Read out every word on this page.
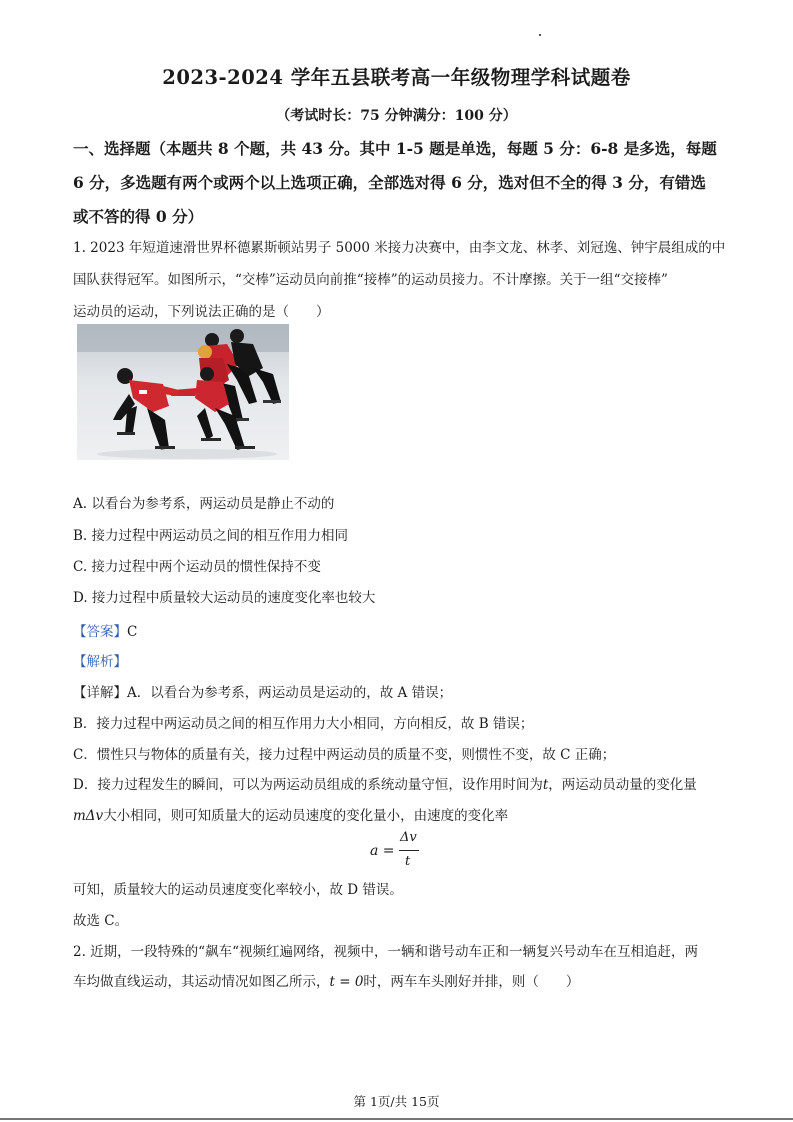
2023-2024 学年五县联考高一年级物理学科试题卷
（考试时长：75 分钟满分：100 分）
一、选择题（本题共 8 个题，共 43 分。其中 1-5 题是单选，每题 5 分：6-8 是多选，每题
6 分，多选题有两个或两个以上选项正确，全部选对得 6 分，选对但不全的得 3 分，有错选
或不答的得 0 分）
1. 2023 年短道速滑世界杯德累斯顿站男子 5000 米接力决赛中，由李文龙、林孝、刘冠逸、钟宇晨组成的中
国队获得冠军。如图所示，“交棒”运动员向前推“接棒”的运动员接力。不计摩擦。关于一组“交接棒”
运动员的运动，下列说法正确的是（　　）
A. 以看台为参考系，两运动员是静止不动的
B. 接力过程中两运动员之间的相互作用力相同
C. 接力过程中两个运动员的惯性保持不变
D. 接力过程中质量较大运动员的速度变化率也较大
【答案】C
【解析】
【详解】A．以看台为参考系，两运动员是运动的，故 A 错误；
B．接力过程中两运动员之间的相互作用力大小相同，方向相反，故 B 错误；
C．惯性只与物体的质量有关，接力过程中两运动员的质量不变，则惯性不变，故 C 正确；
D．接力过程发生的瞬间，可以为两运动员组成的系统动量守恒，设作用时间为t，两运动员动量的变化量
mΔv大小相同，则可知质量大的运动员速度的变化量小，由速度的变化率
a =
Δv
t
可知，质量较大的运动员速度变化率较小，故 D 错误。
故选 C。
2. 近期，一段特殊的“飙车“视频红遍网络，视频中，一辆和谐号动车正和一辆复兴号动车在互相追赶，两
车均做直线运动，其运动情况如图乙所示，t = 0时，两车车头刚好并排，则（　　）
第 1页/共 15页
